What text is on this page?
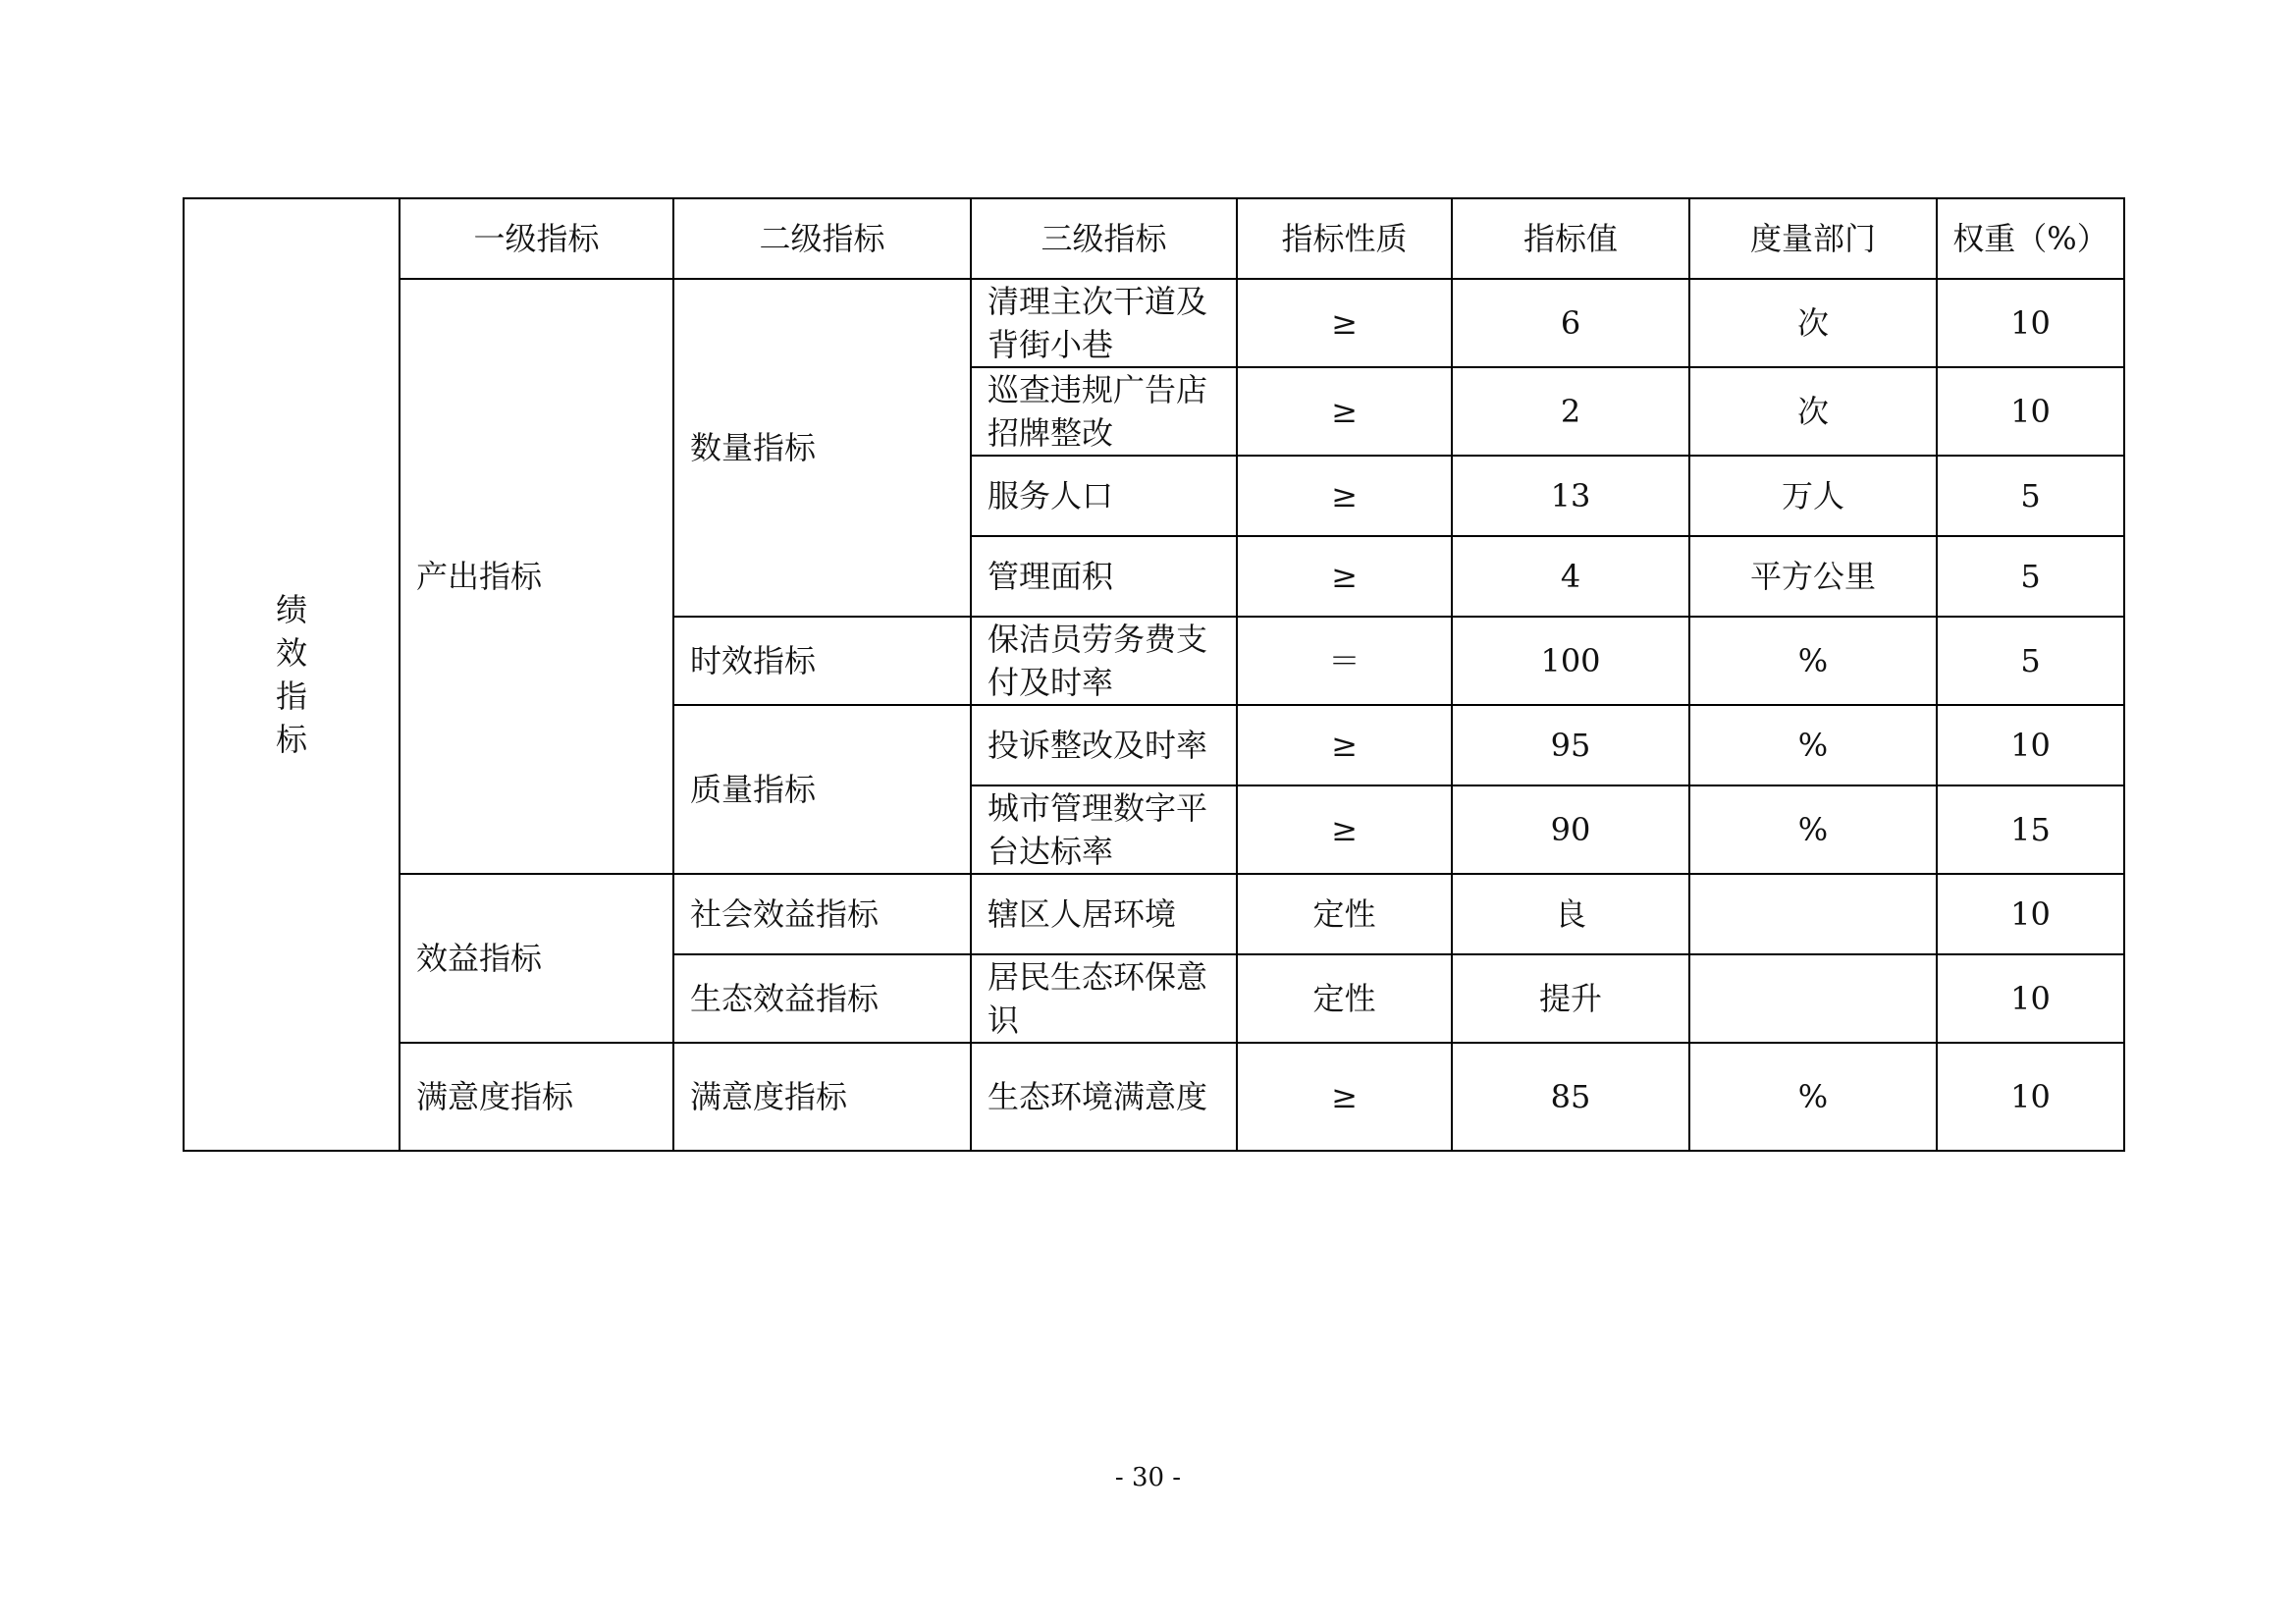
绩
效
指
标	一级指标	二级指标	三级指标	指标性质	指标值	度量部门	权重（%）
	产出指标	数量指标	清理主次干道及背街小巷	≥	6	次	10
			巡查违规广告店招牌整改	≥	2	次	10
			服务人口	≥	13	万人	5
			管理面积	≥	4	平方公里	5
		时效指标	保洁员劳务费支付及时率	＝	100	%	5
		质量指标	投诉整改及时率	≥	95	%	10
			城市管理数字平台达标率	≥	90	%	15
	效益指标	社会效益指标	辖区人居环境	定性	良		10
		生态效益指标	居民生态环保意识	定性	提升		10
	满意度指标	满意度指标	生态环境满意度	≥	85	%	10
- 30 -
